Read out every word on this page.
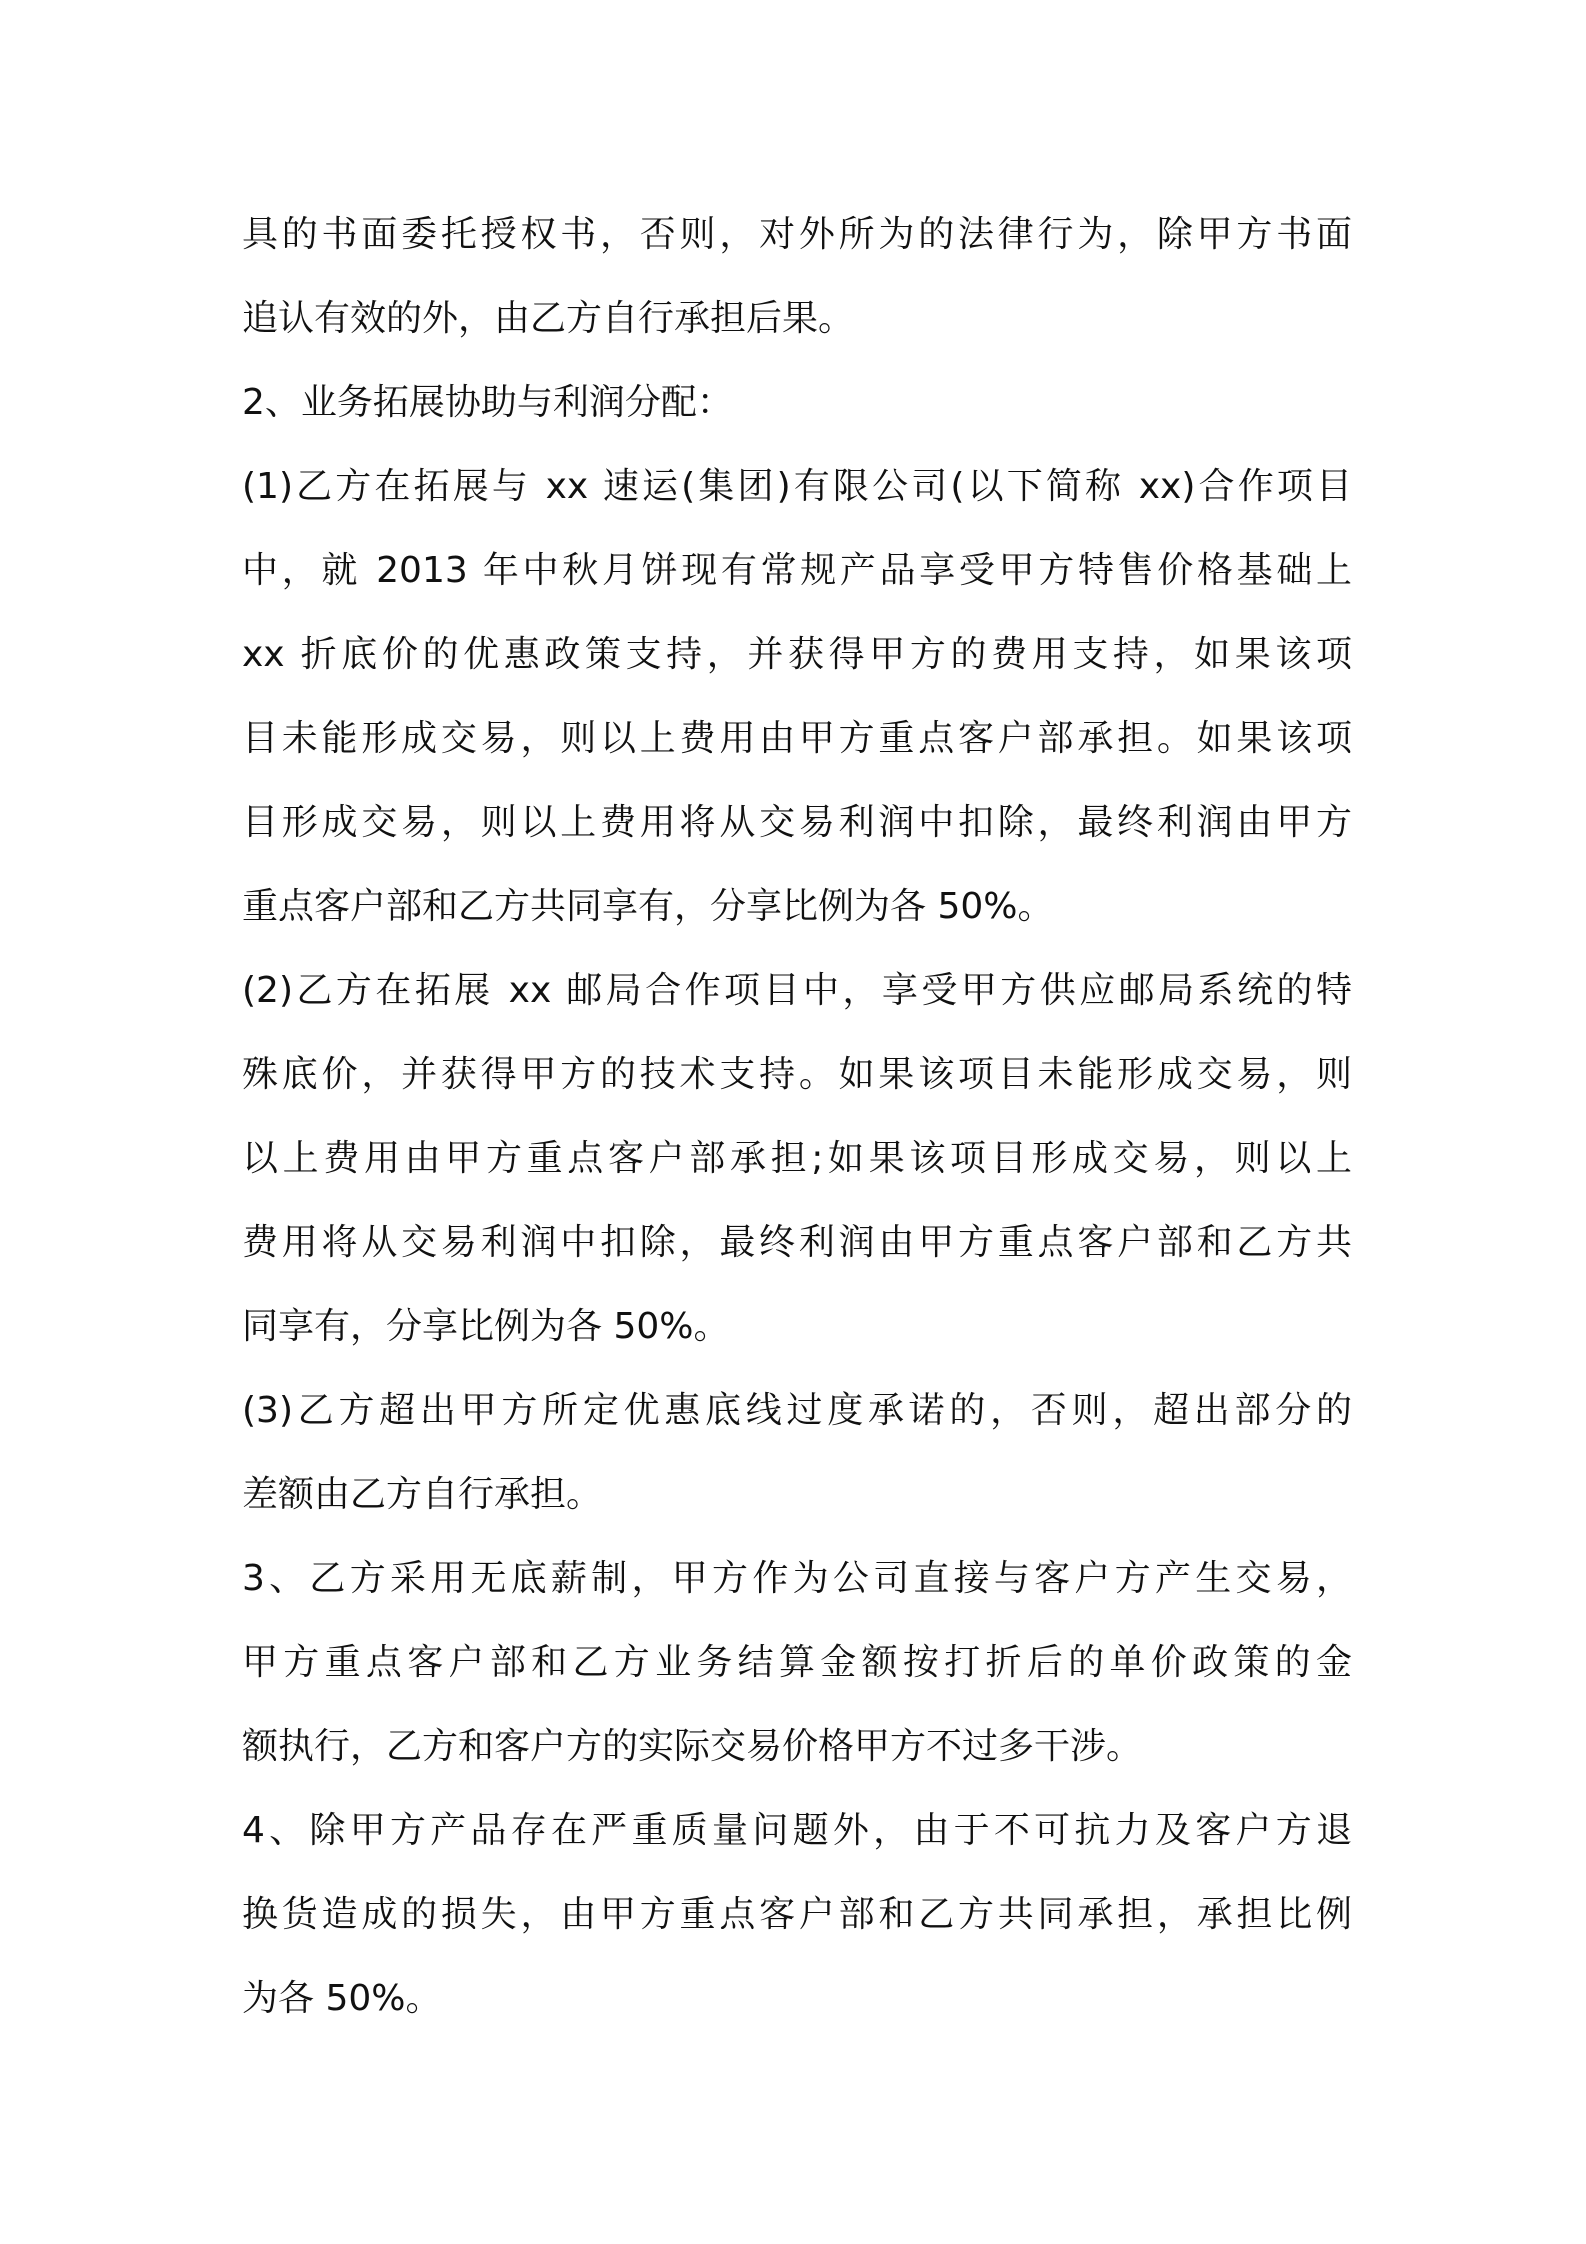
具的书面委托授权书，否则，对外所为的法律行为，除甲方书面
追认有效的外，由乙方自行承担后果。
2、业务拓展协助与利润分配：
(1)乙方在拓展与 xx 速运(集团)有限公司(以下简称 xx)合作项目
中，就 2013 年中秋月饼现有常规产品享受甲方特售价格基础上
xx 折底价的优惠政策支持，并获得甲方的费用支持，如果该项
目未能形成交易，则以上费用由甲方重点客户部承担。如果该项
目形成交易，则以上费用将从交易利润中扣除，最终利润由甲方
重点客户部和乙方共同享有，分享比例为各 50%。
(2)乙方在拓展 xx 邮局合作项目中，享受甲方供应邮局系统的特
殊底价，并获得甲方的技术支持。如果该项目未能形成交易，则
以上费用由甲方重点客户部承担;如果该项目形成交易，则以上
费用将从交易利润中扣除，最终利润由甲方重点客户部和乙方共
同享有，分享比例为各 50%。
(3)乙方超出甲方所定优惠底线过度承诺的，否则，超出部分的
差额由乙方自行承担。
3、乙方采用无底薪制，甲方作为公司直接与客户方产生交易，
甲方重点客户部和乙方业务结算金额按打折后的单价政策的金
额执行，乙方和客户方的实际交易价格甲方不过多干涉。
4、除甲方产品存在严重质量问题外，由于不可抗力及客户方退
换货造成的损失，由甲方重点客户部和乙方共同承担，承担比例
为各 50%。
